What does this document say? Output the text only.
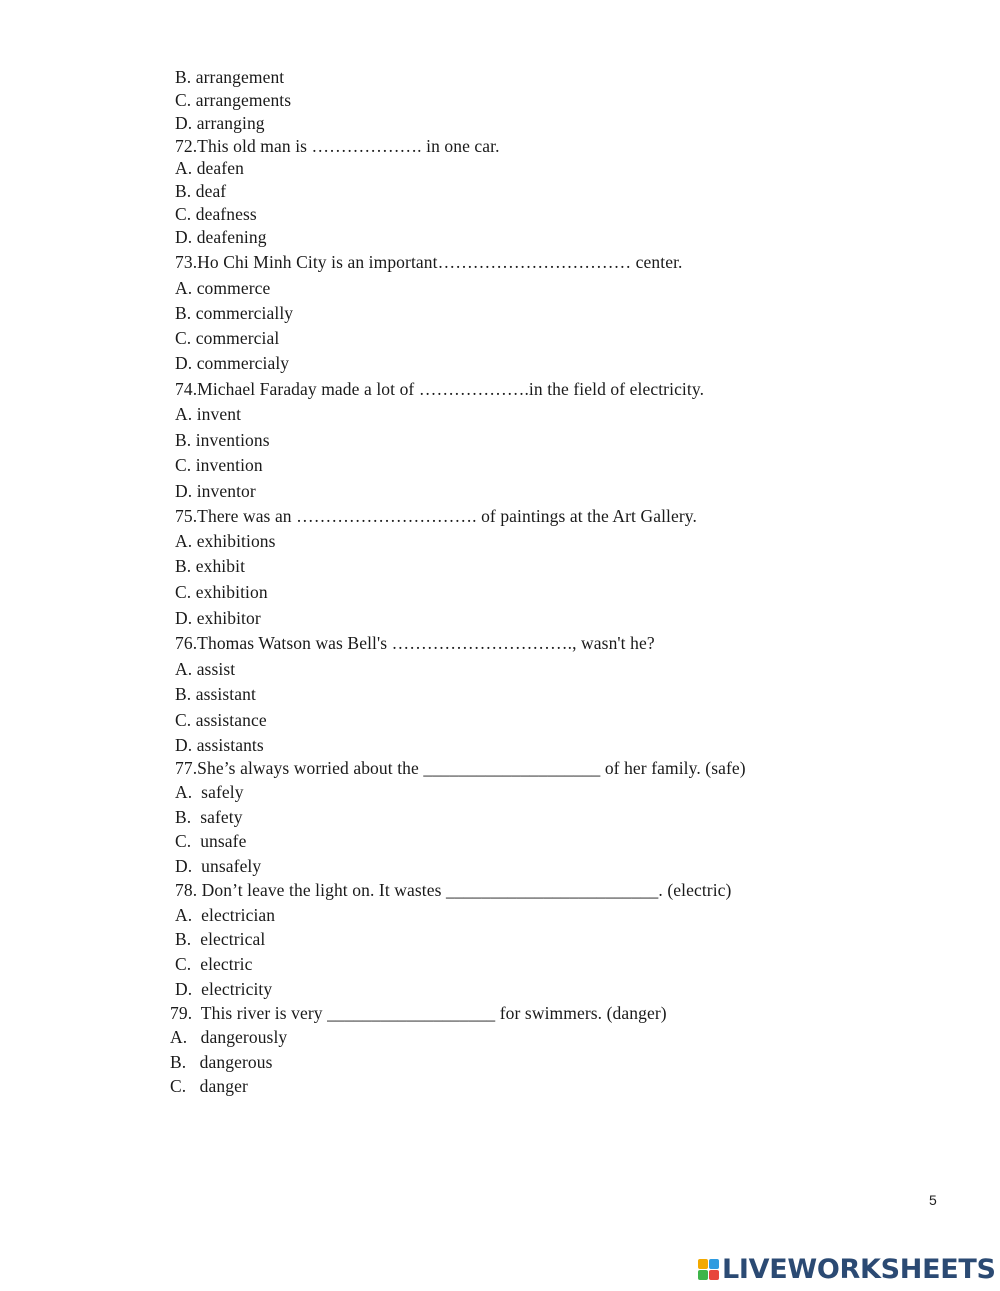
B. arrangement
C. arrangements
D. arranging
72.This old man is ………………. in one car.
A. deafen
B. deaf
C. deafness
D. deafening
73.Ho Chi Minh City is an important…………………………… center.
A. commerce
B. commercially
C. commercial
D. commercialy
74.Michael Faraday made a lot of ……………….in the field of electricity.
A. invent
B. inventions
C. invention
D. inventor
75.There was an …………………………. of paintings at the Art Gallery.
A. exhibitions
B. exhibit
C. exhibition
D. exhibitor
76.Thomas Watson was Bell's …………………………., wasn't he?
A. assist
B. assistant
C. assistance
D. assistants
77.She’s always worried about the ____________________ of her family. (safe)
A.  safely
B.  safety
C.  unsafe
D.  unsafely
78. Don’t leave the light on. It wastes ________________________. (electric)
A.  electrician
B.  electrical
C.  electric
D.  electricity
79.  This river is very ___________________ for swimmers. (danger)
A.   dangerously
B.   dangerous
C.   danger
5
LIVEWORKSHEETS
